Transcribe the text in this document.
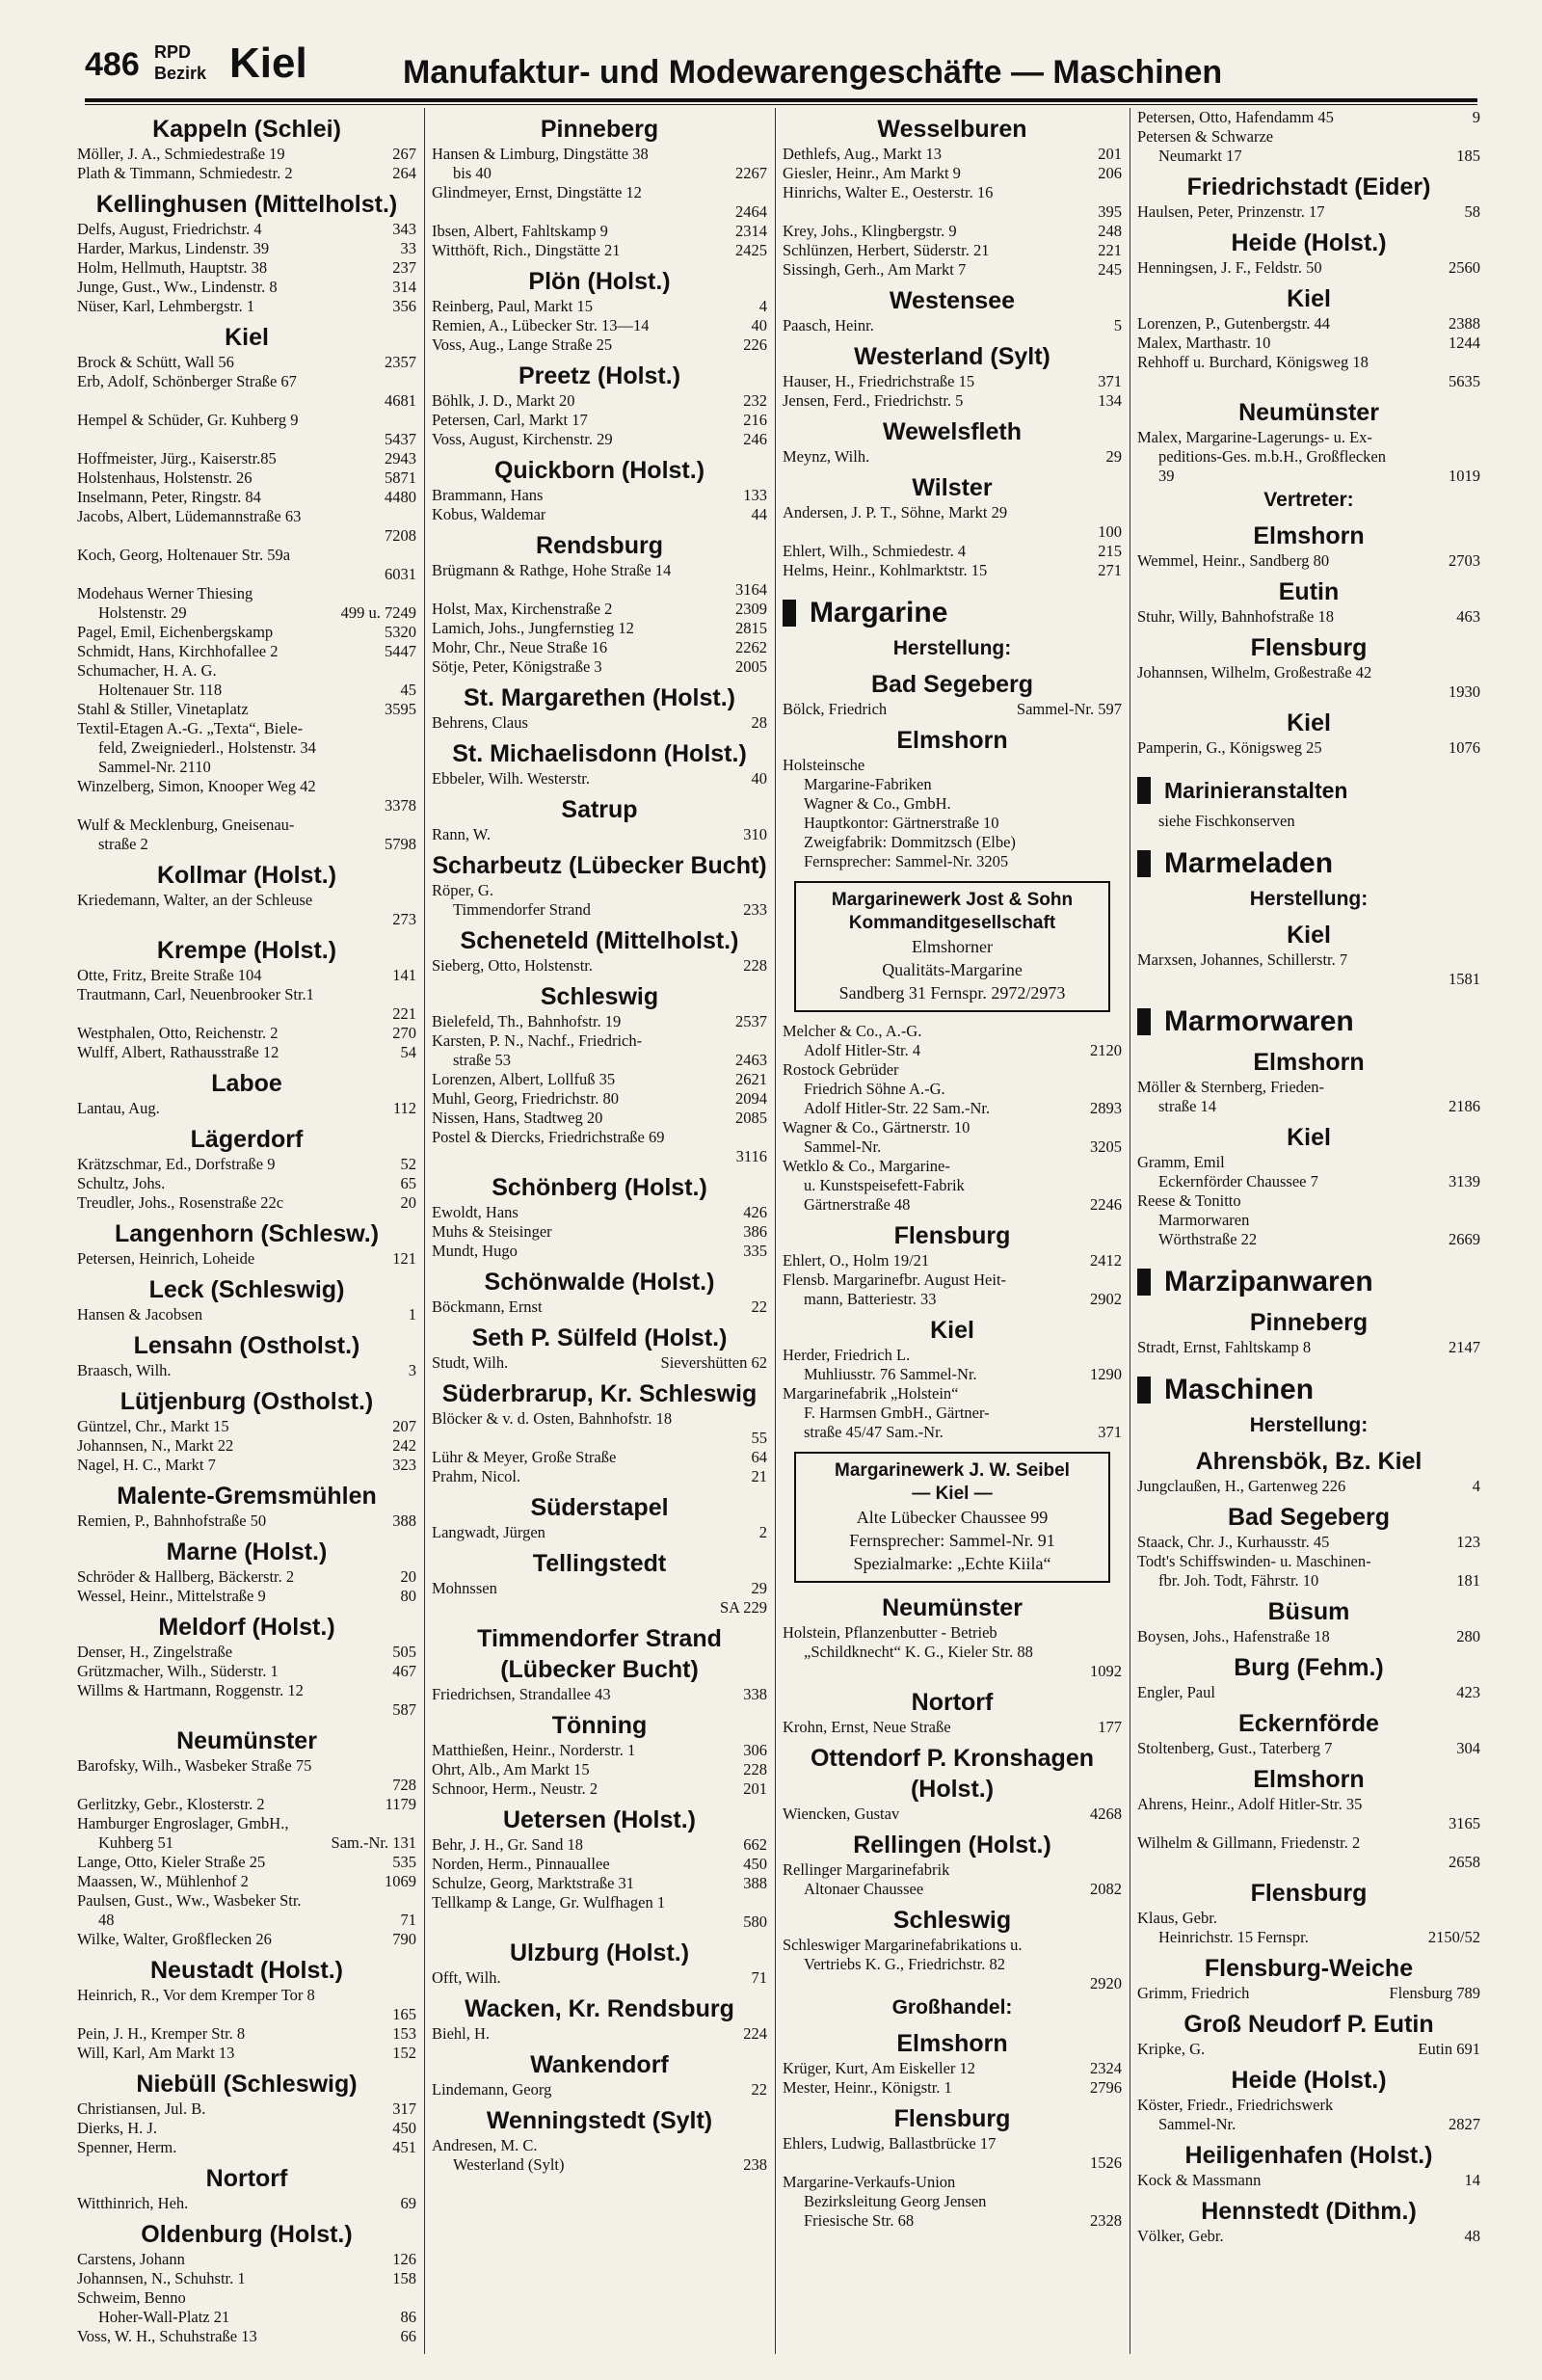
486 RPD
Bezirk Kiel	Manufaktur- und Modewarengeschäfte — Maschinen
Kappeln (Schlei)
Möller, J. A., Schmiedestraße 19	267
Plath & Timmann, Schmiedestr. 2	264
Kellinghusen (Mittelholst.)
Delfs, August, Friedrichstr. 4	343
Harder, Markus, Lindenstr. 39	33
Holm, Hellmuth, Hauptstr. 38	237
Junge, Gust., Ww., Lindenstr. 8	314
Nüser, Karl, Lehmbergstr. 1	356
Kiel
Brock & Schütt, Wall 56	2357
Erb, Adolf, Schönberger Straße 67
4681
Hempel & Schüder, Gr. Kuhberg 9
5437
Hoffmeister, Jürg., Kaiserstr.85	2943
Holstenhaus, Holstenstr. 26	5871
Inselmann, Peter, Ringstr. 84	4480
Jacobs, Albert, Lüdemannstraße 63
7208
Koch, Georg, Holtenauer Str. 59a
6031
Modehaus Werner Thiesing
Holstenstr. 29	499 u. 7249
Pagel, Emil, Eichenbergskamp	5320
Schmidt, Hans, Kirchhofallee 2	5447
Schumacher, H. A. G.
Holtenauer Str. 118	45
Stahl & Stiller, Vinetaplatz	3595
Textil-Etagen A.-G. „Texta“, Biele-
feld, Zweigniederl., Holstenstr. 34
Sammel-Nr. 2110
Winzelberg, Simon, Knooper Weg 42
3378
Wulf & Mecklenburg, Gneisenau-
straße 2	5798
Kollmar (Holst.)
Kriedemann, Walter, an der Schleuse
273
Krempe (Holst.)
Otte, Fritz, Breite Straße 104	141
Trautmann, Carl, Neuenbrooker Str.1
221
Westphalen, Otto, Reichenstr. 2	270
Wulff, Albert, Rathausstraße 12	54
Laboe
Lantau, Aug.	112
Lägerdorf
Krätzschmar, Ed., Dorfstraße 9	52
Schultz, Johs.	65
Treudler, Johs., Rosenstraße 22c	20
Langenhorn (Schlesw.)
Petersen, Heinrich, Loheide	121
Leck (Schleswig)
Hansen & Jacobsen	1
Lensahn (Ostholst.)
Braasch, Wilh.	3
Lütjenburg (Ostholst.)
Güntzel, Chr., Markt 15	207
Johannsen, N., Markt 22	242
Nagel, H. C., Markt 7	323
Malente-Gremsmühlen
Remien, P., Bahnhofstraße 50	388
Marne (Holst.)
Schröder & Hallberg, Bäckerstr. 2	20
Wessel, Heinr., Mittelstraße 9	80
Meldorf (Holst.)
Denser, H., Zingelstraße	505
Grützmacher, Wilh., Süderstr. 1	467
Willms & Hartmann, Roggenstr. 12
587
Neumünster
Barofsky, Wilh., Wasbeker Straße 75
728
Gerlitzky, Gebr., Klosterstr. 2	1179
Hamburger Engroslager, GmbH.,
Kuhberg 51	Sam.-Nr. 131
Lange, Otto, Kieler Straße 25	535
Maassen, W., Mühlenhof 2	1069
Paulsen, Gust., Ww., Wasbeker Str.
48	71
Wilke, Walter, Großflecken 26	790
Neustadt (Holst.)
Heinrich, R., Vor dem Kremper Tor 8
165
Pein, J. H., Kremper Str. 8	153
Will, Karl, Am Markt 13	152
Niebüll (Schleswig)
Christiansen, Jul. B.	317
Dierks, H. J.	450
Spenner, Herm.	451
Nortorf
Witthinrich, Heh.	69
Oldenburg (Holst.)
Carstens, Johann	126
Johannsen, N., Schuhstr. 1	158
Schweim, Benno
Hoher-Wall-Platz 21	86
Voss, W. H., Schuhstraße 13	66
Pinneberg
Hansen & Limburg, Dingstätte 38
bis 40	2267
Glindmeyer, Ernst, Dingstätte 12
2464
Ibsen, Albert, Fahltskamp 9	2314
Witthöft, Rich., Dingstätte 21	2425
Plön (Holst.)
Reinberg, Paul, Markt 15	4
Remien, A., Lübecker Str. 13—14	40
Voss, Aug., Lange Straße 25	226
Preetz (Holst.)
Böhlk, J. D., Markt 20	232
Petersen, Carl, Markt 17	216
Voss, August, Kirchenstr. 29	246
Quickborn (Holst.)
Brammann, Hans	133
Kobus, Waldemar	44
Rendsburg
Brügmann & Rathge, Hohe Straße 14
3164
Holst, Max, Kirchenstraße 2	2309
Lamich, Johs., Jungfernstieg 12	2815
Mohr, Chr., Neue Straße 16	2262
Sötje, Peter, Königstraße 3	2005
St. Margarethen (Holst.)
Behrens, Claus	28
St. Michaelisdonn (Holst.)
Ebbeler, Wilh. Westerstr.	40
Satrup
Rann, W.	310
Scharbeutz (Lübecker Bucht)
Röper, G.
Timmendorfer Strand	233
Scheneteld (Mittelholst.)
Sieberg, Otto, Holstenstr.	228
Schleswig
Bielefeld, Th., Bahnhofstr. 19	2537
Karsten, P. N., Nachf., Friedrich-
straße 53	2463
Lorenzen, Albert, Lollfuß 35	2621
Muhl, Georg, Friedrichstr. 80	2094
Nissen, Hans, Stadtweg 20	2085
Postel & Diercks, Friedrichstraße 69
3116
Schönberg (Holst.)
Ewoldt, Hans	426
Muhs & Steisinger	386
Mundt, Hugo	335
Schönwalde (Holst.)
Böckmann, Ernst	22
Seth P. Sülfeld (Holst.)
Studt, Wilh.	Sievershütten 62
Süderbrarup, Kr. Schleswig
Blöcker & v. d. Osten, Bahnhofstr. 18
55
Lühr & Meyer, Große Straße	64
Prahm, Nicol.	21
Süderstapel
Langwadt, Jürgen	2
Tellingstedt
Mohnssen	29
SA 229
Timmendorfer Strand (Lübecker Bucht)
Friedrichsen, Strandallee 43	338
Tönning
Matthießen, Heinr., Norderstr. 1	306
Ohrt, Alb., Am Markt 15	228
Schnoor, Herm., Neustr. 2	201
Uetersen (Holst.)
Behr, J. H., Gr. Sand 18	662
Norden, Herm., Pinnauallee	450
Schulze, Georg, Marktstraße 31	388
Tellkamp & Lange, Gr. Wulfhagen 1
580
Ulzburg (Holst.)
Offt, Wilh.	71
Wacken, Kr. Rendsburg
Biehl, H.	224
Wankendorf
Lindemann, Georg	22
Wenningstedt (Sylt)
Andresen, M. C.
Westerland (Sylt)	238
Wesselburen
Dethlefs, Aug., Markt 13	201
Giesler, Heinr., Am Markt 9	206
Hinrichs, Walter E., Oesterstr. 16
395
Krey, Johs., Klingbergstr. 9	248
Schlünzen, Herbert, Süderstr. 21	221
Sissingh, Gerh., Am Markt 7	245
Westensee
Paasch, Heinr.	5
Westerland (Sylt)
Hauser, H., Friedrichstraße 15	371
Jensen, Ferd., Friedrichstr. 5	134
Wewelsfleth
Meynz, Wilh.	29
Wilster
Andersen, J. P. T., Söhne, Markt 29
100
Ehlert, Wilh., Schmiedestr. 4	215
Helms, Heinr., Kohlmarktstr. 15	271
Margarine
Herstellung:
Bad Segeberg
Bölck, Friedrich	Sammel-Nr. 597
Elmshorn
Holsteinsche
Margarine-Fabriken
Wagner & Co., GmbH.
Hauptkontor: Gärtnerstraße 10
Zweigfabrik: Dommitzsch (Elbe)
Fernsprecher: Sammel-Nr. 3205
Margarinewerk Jost & Sohn
Kommanditgesellschaft
Elmshorner
Qualitäts-Margarine
Sandberg 31 Fernspr. 2972/2973
Melcher & Co., A.-G.
Adolf Hitler-Str. 4	2120
Rostock Gebrüder
Friedrich Söhne A.-G.
Adolf Hitler-Str. 22 Sam.-Nr.	2893
Wagner & Co., Gärtnerstr. 10
Sammel-Nr.	3205
Wetklo & Co., Margarine-
u. Kunstspeisefett-Fabrik
Gärtnerstraße 48	2246
Flensburg
Ehlert, O., Holm 19/21	2412
Flensb. Margarinefbr. August Heit-
mann, Batteriestr. 33	2902
Kiel
Herder, Friedrich L.
Muhliusstr. 76 Sammel-Nr.	1290
Margarinefabrik „Holstein“
F. Harmsen GmbH., Gärtner-
straße 45/47 Sam.-Nr.	371
Margarinewerk J. W. Seibel
— Kiel —
Alte Lübecker Chaussee 99
Fernsprecher: Sammel-Nr. 91
Spezialmarke: „Echte Kiila“
Neumünster
Holstein, Pflanzenbutter - Betrieb
„Schildknecht“ K. G., Kieler Str. 88
1092
Nortorf
Krohn, Ernst, Neue Straße	177
Ottendorf P. Kronshagen (Holst.)
Wiencken, Gustav	4268
Rellingen (Holst.)
Rellinger Margarinefabrik
Altonaer Chaussee	2082
Schleswig
Schleswiger Margarinefabrikations u.
Vertriebs K. G., Friedrichstr. 82
2920
Großhandel:
Elmshorn
Krüger, Kurt, Am Eiskeller 12	2324
Mester, Heinr., Königstr. 1	2796
Flensburg
Ehlers, Ludwig, Ballastbrücke 17
1526
Margarine-Verkaufs-Union
Bezirksleitung Georg Jensen
Friesische Str. 68	2328
Petersen, Otto, Hafendamm 45	9
Petersen & Schwarze
Neumarkt 17	185
Friedrichstadt (Eider)
Haulsen, Peter, Prinzenstr. 17	58
Heide (Holst.)
Henningsen, J. F., Feldstr. 50	2560
Kiel
Lorenzen, P., Gutenbergstr. 44	2388
Malex, Marthastr. 10	1244
Rehhoff u. Burchard, Königsweg 18
5635
Neumünster
Malex, Margarine-Lagerungs- u. Ex-
peditions-Ges. m.b.H., Großflecken
39	1019
Vertreter:
Elmshorn
Wemmel, Heinr., Sandberg 80	2703
Eutin
Stuhr, Willy, Bahnhofstraße 18	463
Flensburg
Johannsen, Wilhelm, Großestraße 42
1930
Kiel
Pamperin, G., Königsweg 25	1076
Marinieranstalten
siehe Fischkonserven
Marmeladen
Herstellung:
Kiel
Marxsen, Johannes, Schillerstr. 7
1581
Marmorwaren
Elmshorn
Möller & Sternberg, Frieden-
straße 14	2186
Kiel
Gramm, Emil
Eckernförder Chaussee 7	3139
Reese & Tonitto
Marmorwaren
Wörthstraße 22	2669
Marzipanwaren
Pinneberg
Stradt, Ernst, Fahltskamp 8	2147
Maschinen
Herstellung:
Ahrensbök, Bz. Kiel
Jungclaußen, H., Gartenweg 226	4
Bad Segeberg
Staack, Chr. J., Kurhausstr. 45	123
Todt's Schiffswinden- u. Maschinen-
fbr. Joh. Todt, Fährstr. 10	181
Büsum
Boysen, Johs., Hafenstraße 18	280
Burg (Fehm.)
Engler, Paul	423
Eckernförde
Stoltenberg, Gust., Taterberg 7	304
Elmshorn
Ahrens, Heinr., Adolf Hitler-Str. 35
3165
Wilhelm & Gillmann, Friedenstr. 2
2658
Flensburg
Klaus, Gebr.
Heinrichstr. 15 Fernspr.	2150/52
Flensburg-Weiche
Grimm, Friedrich	Flensburg 789
Groß Neudorf P. Eutin
Kripke, G.	Eutin 691
Heide (Holst.)
Köster, Friedr., Friedrichswerk
Sammel-Nr.	2827
Heiligenhafen (Holst.)
Kock & Massmann	14
Hennstedt (Dithm.)
Völker, Gebr.	48
